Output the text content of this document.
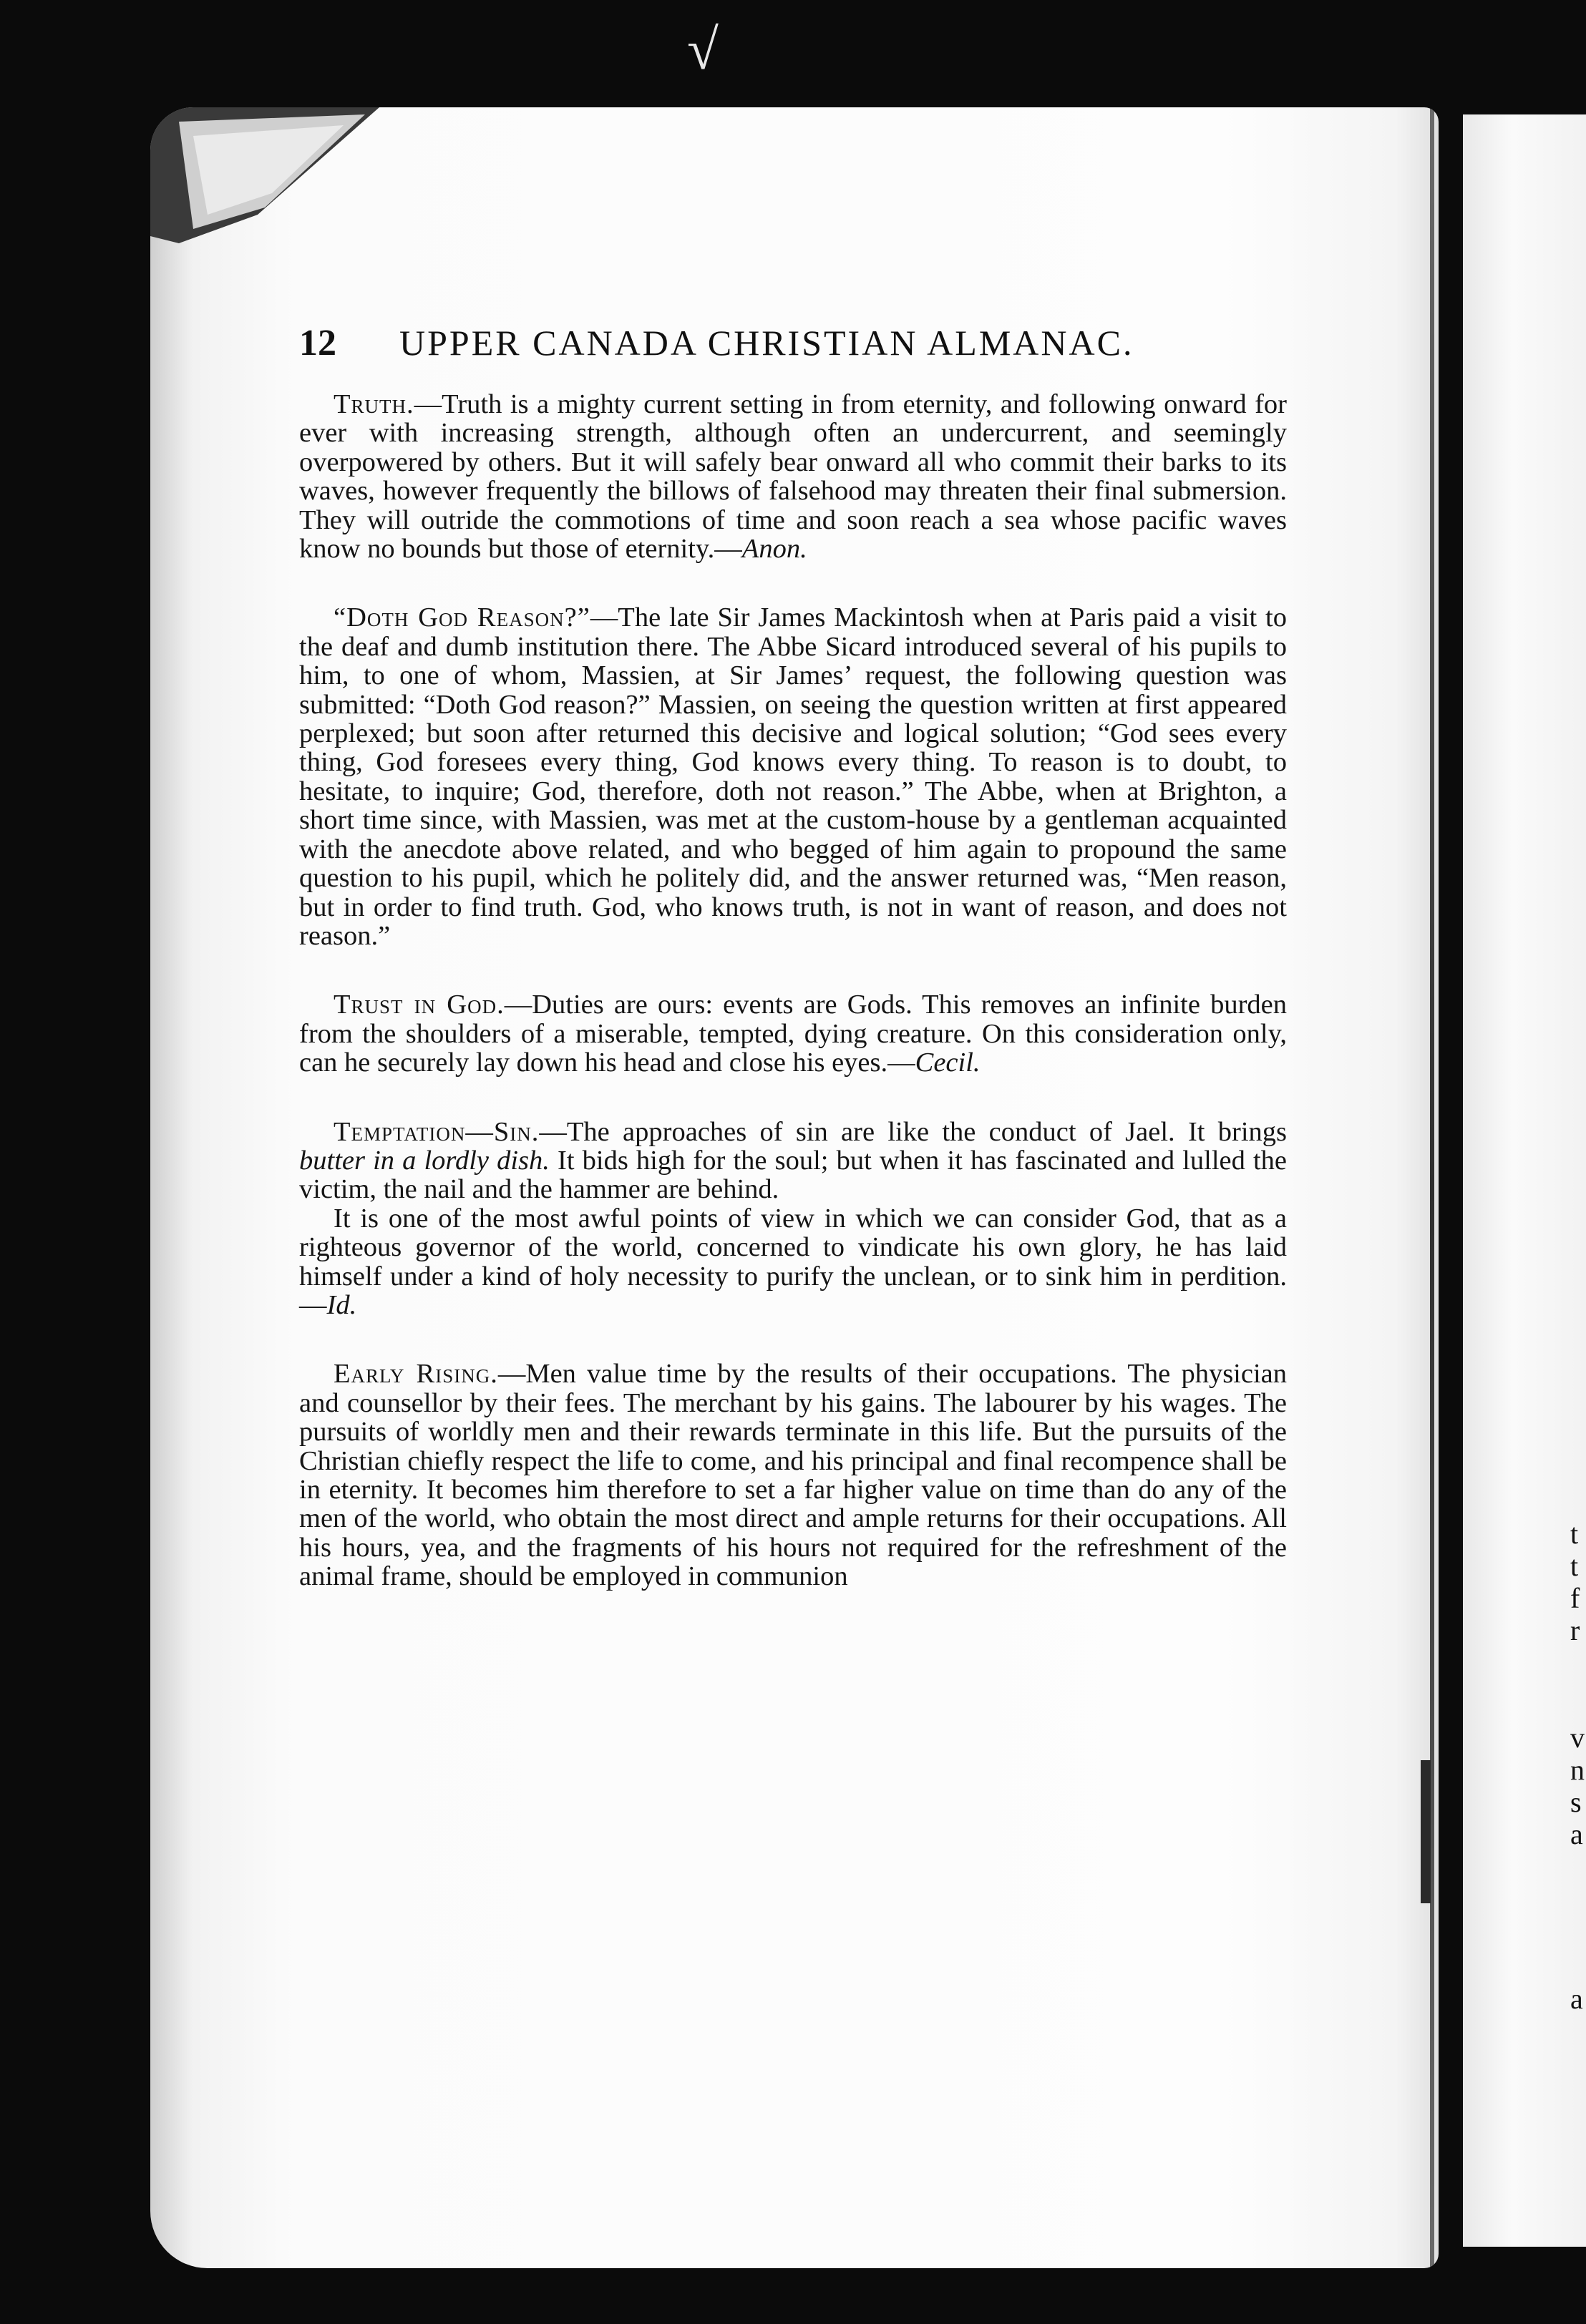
√
t
t
f
r
v
n
s
a
a
12	UPPER CANADA CHRISTIAN ALMANAC.

Truth.—Truth is a mighty current setting in from eternity, and following onward for ever with increasing strength, although often an undercurrent, and seemingly overpowered by others. But it will safely bear onward all who commit their barks to its waves, however frequently the billows of falsehood may threaten their final submersion. They will outride the commotions of time and soon reach a sea whose pacific waves know no bounds but those of eternity.—Anon.

“Doth God Reason?”—The late Sir James Mackintosh when at Paris paid a visit to the deaf and dumb institution there. The Abbe Sicard introduced several of his pupils to him, to one of whom, Massien, at Sir James’ request, the following question was submitted: “Doth God reason?” Massien, on seeing the question written at first appeared perplexed; but soon after returned this decisive and logical solution; “God sees every thing, God foresees every thing, God knows every thing. To reason is to doubt, to hesitate, to inquire; God, therefore, doth not reason.” The Abbe, when at Brighton, a short time since, with Massien, was met at the custom-house by a gentleman acquainted with the anecdote above related, and who begged of him again to propound the same question to his pupil, which he politely did, and the answer returned was, “Men reason, but in order to find truth. God, who knows truth, is not in want of reason, and does not reason.”

Trust in God.—Duties are ours: events are Gods. This removes an infinite burden from the shoulders of a miserable, tempted, dying creature. On this consideration only, can he securely lay down his head and close his eyes.—Cecil.

Temptation—Sin.—The approaches of sin are like the conduct of Jael. It brings butter in a lordly dish. It bids high for the soul; but when it has fascinated and lulled the victim, the nail and the hammer are behind.

It is one of the most awful points of view in which we can consider God, that as a righteous governor of the world, concerned to vindicate his own glory, he has laid himself under a kind of holy necessity to purify the unclean, or to sink him in perdition.—Id.

Early Rising.—Men value time by the results of their occupations. The physician and counsellor by their fees. The merchant by his gains. The labourer by his wages. The pursuits of worldly men and their rewards terminate in this life. But the pursuits of the Christian chiefly respect the life to come, and his principal and final recompence shall be in eternity. It becomes him therefore to set a far higher value on time than do any of the men of the world, who obtain the most direct and ample returns for their occupations. All his hours, yea, and the fragments of his hours not required for the refreshment of the animal frame, should be employed in communion
